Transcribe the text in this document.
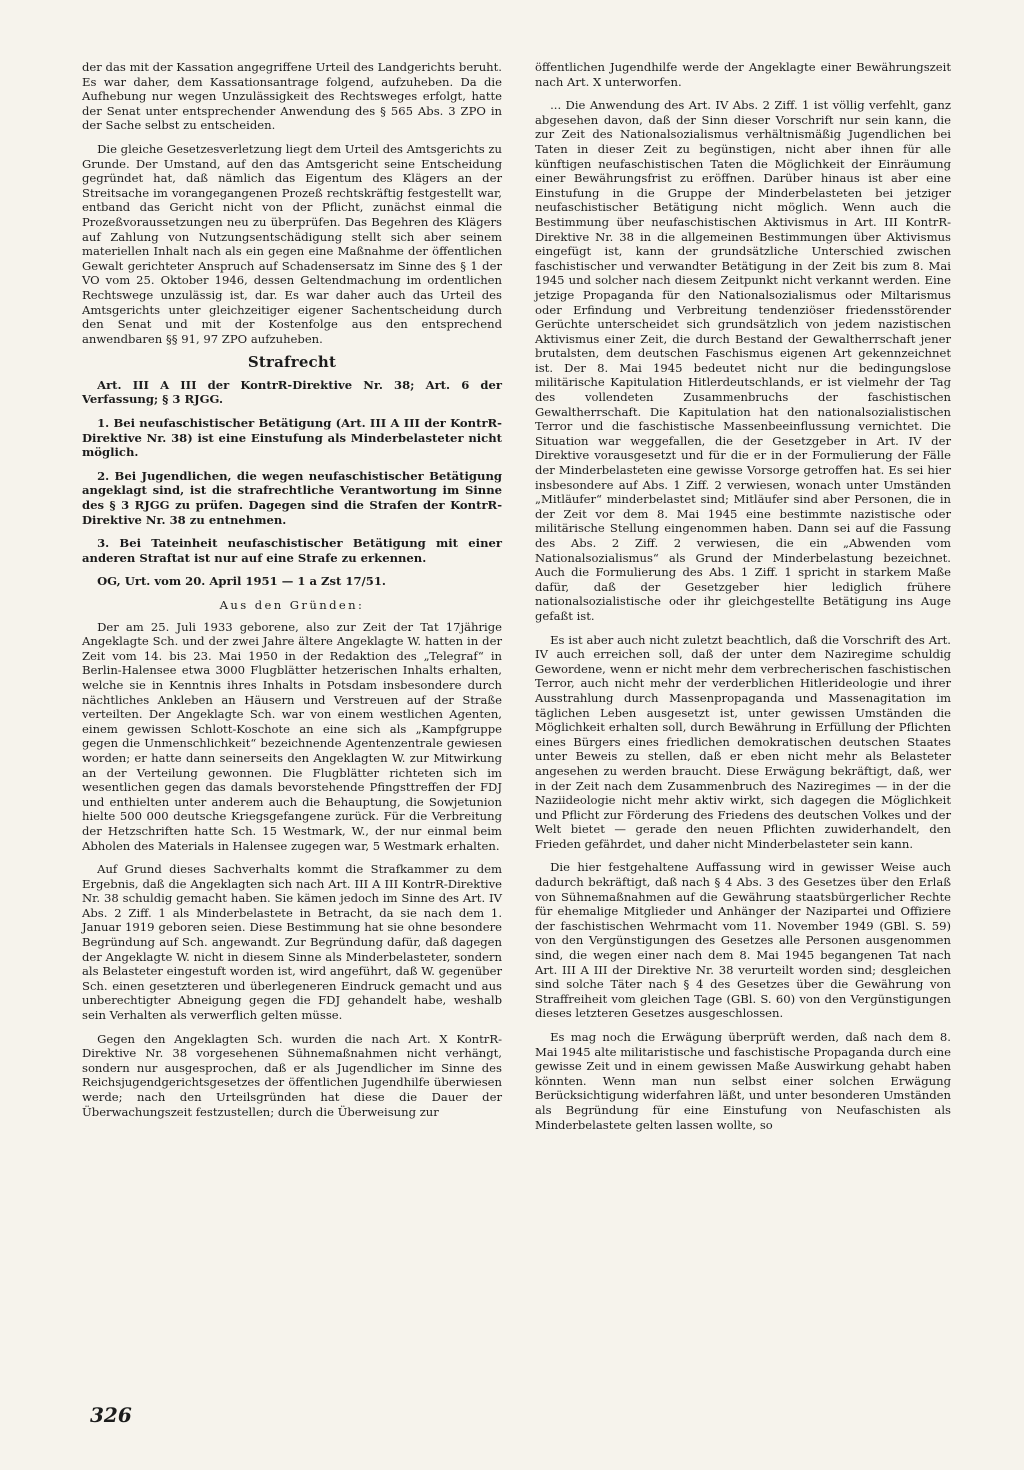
der das mit der Kassation angegriffene Urteil des Landgerichts beruht. Es war daher, dem Kassationsantrage folgend, aufzuheben. Da die Aufhebung nur wegen Unzulässigkeit des Rechtsweges erfolgt, hatte der Senat unter entsprechender Anwendung des § 565 Abs. 3 ZPO in der Sache selbst zu entscheiden.

Die gleiche Gesetzesverletzung liegt dem Urteil des Amtsgerichts zu Grunde. Der Umstand, auf den das Amtsgericht seine Entscheidung gegründet hat, daß nämlich das Eigentum des Klägers an der Streitsache im vorangegangenen Prozeß rechtskräftig festgestellt war, entband das Gericht nicht von der Pflicht, zunächst einmal die Prozeßvoraussetzungen neu zu überprüfen. Das Begehren des Klägers auf Zahlung von Nutzungsentschädigung stellt sich aber seinem materiellen Inhalt nach als ein gegen eine Maßnahme der öffentlichen Gewalt gerichteter Anspruch auf Schadensersatz im Sinne des § 1 der VO vom 25. Oktober 1946, dessen Geltendmachung im ordentlichen Rechtswege unzulässig ist, dar. Es war daher auch das Urteil des Amtsgerichts unter gleichzeitiger eigener Sachentscheidung durch den Senat und mit der Kostenfolge aus den entsprechend anwendbaren §§ 91, 97 ZPO aufzuheben.

Strafrecht

Art. III A III der KontrR-Direktive Nr. 38; Art. 6 der Verfassung; § 3 RJGG.

1. Bei neufaschistischer Betätigung (Art. III A III der KontrR-Direktive Nr. 38) ist eine Einstufung als Minderbelasteter nicht möglich.

2. Bei Jugendlichen, die wegen neufaschistischer Betätigung angeklagt sind, ist die strafrechtliche Verantwortung im Sinne des § 3 RJGG zu prüfen. Dagegen sind die Strafen der KontrR-Direktive Nr. 38 zu entnehmen.

3. Bei Tateinheit neufaschistischer Betätigung mit einer anderen Straftat ist nur auf eine Strafe zu erkennen.

OG, Urt. vom 20. April 1951 — 1 a Zst 17/51.

Aus den Gründen:

Der am 25. Juli 1933 geborene, also zur Zeit der Tat 17jährige Angeklagte Sch. und der zwei Jahre ältere Angeklagte W. hatten in der Zeit vom 14. bis 23. Mai 1950 in der Redaktion des „Telegraf“ in Berlin-Halensee etwa 3000 Flugblätter hetzerischen Inhalts erhalten, welche sie in Kenntnis ihres Inhalts in Potsdam insbesondere durch nächtliches Ankleben an Häusern und Verstreuen auf der Straße verteilten. Der Angeklagte Sch. war von einem westlichen Agenten, einem gewissen Schlott-Koschote an eine sich als „Kampfgruppe gegen die Unmenschlichkeit“ bezeichnende Agentenzentrale gewiesen worden; er hatte dann seinerseits den Angeklagten W. zur Mitwirkung an der Verteilung gewonnen. Die Flugblätter richteten sich im wesentlichen gegen das damals bevorstehende Pfingsttreffen der FDJ und enthielten unter anderem auch die Behauptung, die Sowjetunion hielte 500 000 deutsche Kriegsgefangene zurück. Für die Verbreitung der Hetzschriften hatte Sch. 15 Westmark, W., der nur einmal beim Abholen des Materials in Halensee zugegen war, 5 Westmark erhalten.

Auf Grund dieses Sachverhalts kommt die Strafkammer zu dem Ergebnis, daß die Angeklagten sich nach Art. III A III KontrR-Direktive Nr. 38 schuldig gemacht haben. Sie kämen jedoch im Sinne des Art. IV Abs. 2 Ziff. 1 als Minderbelastete in Betracht, da sie nach dem 1. Januar 1919 geboren seien. Diese Bestimmung hat sie ohne besondere Begründung auf Sch. angewandt. Zur Begründung dafür, daß dagegen der Angeklagte W. nicht in diesem Sinne als Minderbelasteter, sondern als Belasteter eingestuft worden ist, wird angeführt, daß W. gegenüber Sch. einen gesetzteren und überlegeneren Eindruck gemacht und aus unberechtigter Abneigung gegen die FDJ gehandelt habe, weshalb sein Verhalten als verwerflich gelten müsse.

Gegen den Angeklagten Sch. wurden die nach Art. X KontrR-Direktive Nr. 38 vorgesehenen Sühnemaßnahmen nicht verhängt, sondern nur ausgesprochen, daß er als Jugendlicher im Sinne des Reichsjugendgerichtsgesetzes der öffentlichen Jugendhilfe überwiesen werde; nach den Urteilsgründen hat diese die Dauer der Überwachungszeit festzustellen; durch die Überweisung zur

öffentlichen Jugendhilfe werde der Angeklagte einer Bewährungszeit nach Art. X unterworfen.

... Die Anwendung des Art. IV Abs. 2 Ziff. 1 ist völlig verfehlt, ganz abgesehen davon, daß der Sinn dieser Vorschrift nur sein kann, die zur Zeit des Nationalsozialismus verhältnismäßig Jugendlichen bei Taten in dieser Zeit zu begünstigen, nicht aber ihnen für alle künftigen neufaschistischen Taten die Möglichkeit der Einräumung einer Bewährungsfrist zu eröffnen. Darüber hinaus ist aber eine Einstufung in die Gruppe der Minderbelasteten bei jetziger neufaschistischer Betätigung nicht möglich. Wenn auch die Bestimmung über neufaschistischen Aktivismus in Art. III KontrR-Direktive Nr. 38 in die allgemeinen Bestimmungen über Aktivismus eingefügt ist, kann der grundsätzliche Unterschied zwischen faschistischer und verwandter Betätigung in der Zeit bis zum 8. Mai 1945 und solcher nach diesem Zeitpunkt nicht verkannt werden. Eine jetzige Propaganda für den Nationalsozialismus oder Miltarismus oder Erfindung und Verbreitung tendenziöser friedensstörender Gerüchte unterscheidet sich grundsätzlich von jedem nazistischen Aktivismus einer Zeit, die durch Bestand der Gewaltherrschaft jener brutalsten, dem deutschen Faschismus eigenen Art gekennzeichnet ist. Der 8. Mai 1945 bedeutet nicht nur die bedingungslose militärische Kapitulation Hitlerdeutschlands, er ist vielmehr der Tag des vollendeten Zusammenbruchs der faschistischen Gewaltherrschaft. Die Kapitulation hat den nationalsozialistischen Terror und die faschistische Massenbeeinflussung vernichtet. Die Situation war weggefallen, die der Gesetzgeber in Art. IV der Direktive vorausgesetzt und für die er in der Formulierung der Fälle der Minderbelasteten eine gewisse Vorsorge getroffen hat. Es sei hier insbesondere auf Abs. 1 Ziff. 2 verwiesen, wonach unter Umständen „Mitläufer“ minderbelastet sind; Mitläufer sind aber Personen, die in der Zeit vor dem 8. Mai 1945 eine bestimmte nazistische oder militärische Stellung eingenommen haben. Dann sei auf die Fassung des Abs. 2 Ziff. 2 verwiesen, die ein „Abwenden vom Nationalsozialismus“ als Grund der Minderbelastung bezeichnet. Auch die Formulierung des Abs. 1 Ziff. 1 spricht in starkem Maße dafür, daß der Gesetzgeber hier lediglich frühere nationalsozialistische oder ihr gleichgestellte Betätigung ins Auge gefaßt ist.

Es ist aber auch nicht zuletzt beachtlich, daß die Vorschrift des Art. IV auch erreichen soll, daß der unter dem Naziregime schuldig Gewordene, wenn er nicht mehr dem verbrecherischen faschistischen Terror, auch nicht mehr der verderblichen Hitlerideologie und ihrer Ausstrahlung durch Massenpropaganda und Massenagitation im täglichen Leben ausgesetzt ist, unter gewissen Umständen die Möglichkeit erhalten soll, durch Bewährung in Erfüllung der Pflichten eines Bürgers eines friedlichen demokratischen deutschen Staates unter Beweis zu stellen, daß er eben nicht mehr als Belasteter angesehen zu werden braucht. Diese Erwägung bekräftigt, daß, wer in der Zeit nach dem Zusammenbruch des Naziregimes — in der die Naziideologie nicht mehr aktiv wirkt, sich dagegen die Möglichkeit und Pflicht zur Förderung des Friedens des deutschen Volkes und der Welt bietet — gerade den neuen Pflichten zuwiderhandelt, den Frieden gefährdet, und daher nicht Minderbelasteter sein kann.

Die hier festgehaltene Auffassung wird in gewisser Weise auch dadurch bekräftigt, daß nach § 4 Abs. 3 des Gesetzes über den Erlaß von Sühnemaßnahmen auf die Gewährung staatsbürgerlicher Rechte für ehemalige Mitglieder und Anhänger der Nazipartei und Offiziere der faschistischen Wehrmacht vom 11. November 1949 (GBl. S. 59) von den Vergünstigungen des Gesetzes alle Personen ausgenommen sind, die wegen einer nach dem 8. Mai 1945 begangenen Tat nach Art. III A III der Direktive Nr. 38 verurteilt worden sind; desgleichen sind solche Täter nach § 4 des Gesetzes über die Gewährung von Straffreiheit vom gleichen Tage (GBl. S. 60) von den Vergünstigungen dieses letzteren Gesetzes ausgeschlossen.

Es mag noch die Erwägung überprüft werden, daß nach dem 8. Mai 1945 alte militaristische und faschistische Propaganda durch eine gewisse Zeit und in einem gewissen Maße Auswirkung gehabt haben könnten. Wenn man nun selbst einer solchen Erwägung Berücksichtigung widerfahren läßt, und unter besonderen Umständen als Begründung für eine Einstufung von Neufaschisten als Minderbelastete gelten lassen wollte, so

326
